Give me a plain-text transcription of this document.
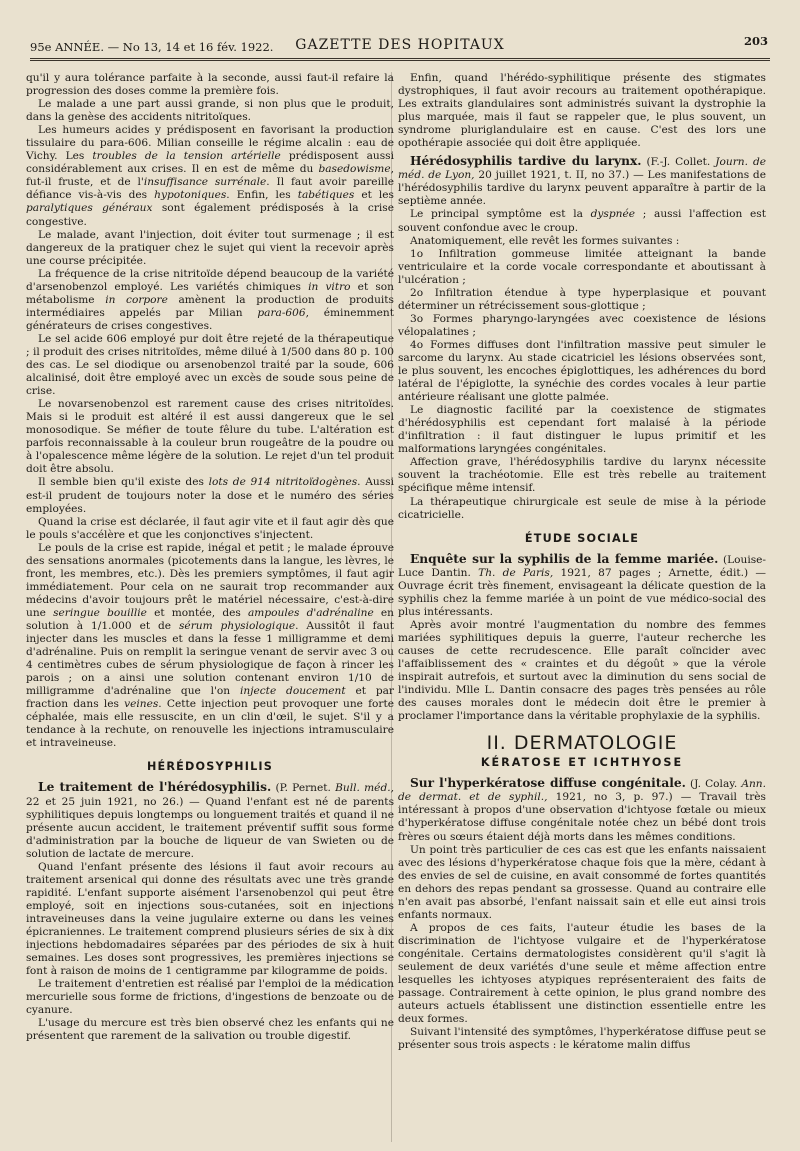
95e ANNÉE. — No 13, 14 et 16 fév. 1922.	GAZETTE DES HOPITAUX	203

qu'il y aura tolérance parfaite à la seconde, aussi faut-il refaire la progression des doses comme la première fois.

Le malade a une part aussi grande, si non plus que le produit, dans la genèse des accidents nitritoïques.

Les humeurs acides y prédisposent en favorisant la production tissulaire du para-606. Milian conseille le régime alcalin : eau de Vichy. Les troubles de la tension artérielle prédisposent aussi considérablement aux crises. Il en est de même du basedowisme, fut-il fruste, et de l'insuffisance surrénale. Il faut avoir pareille défiance vis-à-vis des hypotoniques. Enfin, les tabétiques et les paralytiques généraux sont également prédisposés à la crise congestive.

Le malade, avant l'injection, doit éviter tout surmenage ; il est dangereux de la pratiquer chez le sujet qui vient la recevoir après une course précipitée.

La fréquence de la crise nitritoïde dépend beaucoup de la variété d'arsenobenzol employé. Les variétés chimiques in vitro et son métabolisme in corpore amènent la production de produits intermédiaires appelés par Milian para-606, éminemment générateurs de crises congestives.

Le sel acide 606 employé pur doit être rejeté de la thérapeutique ; il produit des crises nitritoïdes, même dilué à 1/500 dans 80 p. 100 des cas. Le sel diodique ou arsenobenzol traité par la soude, 606 alcalinisé, doit être employé avec un excès de soude sous peine de crise.

Le novarsenobenzol est rarement cause des crises nitritoïdes. Mais si le produit est altéré il est aussi dangereux que le sel monosodique. Se méfier de toute fêlure du tube. L'altération est parfois reconnaissable à la couleur brun rougeâtre de la poudre ou à l'opalescence même légère de la solution. Le rejet d'un tel produit doit être absolu.

Il semble bien qu'il existe des lots de 914 nitritoïdogènes. Aussi est-il prudent de toujours noter la dose et le numéro des séries employées.

Quand la crise est déclarée, il faut agir vite et il faut agir dès que le pouls s'accélère et que les conjonctives s'injectent.

Le pouls de la crise est rapide, inégal et petit ; le malade éprouve des sensations anormales (picotements dans la langue, les lèvres, le front, les membres, etc.). Dès les premiers symptômes, il faut agir immédiatement. Pour cela on ne saurait trop recommander aux médecins d'avoir toujours prêt le matériel nécessaire, c'est-à-dire une seringue bouillie et montée, des ampoules d'adrénaline en solution à 1/1.000 et de sérum physiologique. Aussitôt il faut injecter dans les muscles et dans la fesse 1 milligramme et demi d'adrénaline. Puis on remplit la seringue venant de servir avec 3 ou 4 centimètres cubes de sérum physiologique de façon à rincer les parois ; on a ainsi une solution contenant environ 1/10 de milligramme d'adrénaline que l'on injecte doucement et par fraction dans les veines. Cette injection peut provoquer une forte céphalée, mais elle ressuscite, en un clin d'œil, le sujet. S'il y a tendance à la rechute, on renouvelle les injections intramusculaire et intraveineuse.

HÉRÉDOSYPHILIS

Le traitement de l'hérédosyphilis. (P. Pernet. Bull. méd., 22 et 25 juin 1921, no 26.) — Quand l'enfant est né de parents syphilitiques depuis longtemps ou longuement traités et quand il ne présente aucun accident, le traitement préventif suffit sous forme d'administration par la bouche de liqueur de van Swieten ou de solution de lactate de mercure.

Quand l'enfant présente des lésions il faut avoir recours au traitement arsenical qui donne des résultats avec une très grande rapidité. L'enfant supporte aisément l'arsenobenzol qui peut être employé, soit en injections sous-cutanées, soit en injections intraveineuses dans la veine jugulaire externe ou dans les veines épicraniennes. Le traitement comprend plusieurs séries de six à dix injections hebdomadaires séparées par des périodes de six à huit semaines. Les doses sont progressives, les premières injections se font à raison de moins de 1 centigramme par kilogramme de poids.

Le traitement d'entretien est réalisé par l'emploi de la médication mercurielle sous forme de frictions, d'ingestions de benzoate ou de cyanure.

L'usage du mercure est très bien observé chez les enfants qui ne présentent que rarement de la salivation ou trouble digestif.

Enfin, quand l'hérédo-syphilitique présente des stigmates dystrophiques, il faut avoir recours au traitement opothérapique. Les extraits glandulaires sont administrés suivant la dystrophie la plus marquée, mais il faut se rappeler que, le plus souvent, un syndrome pluriglandulaire est en cause. C'est des lors une opothérapie associée qui doit être appliquée.

Hérédosyphilis tardive du larynx. (F.-J. Collet. Journ. de méd. de Lyon, 20 juillet 1921, t. II, no 37.) — Les manifestations de l'hérédosyphilis tardive du larynx peuvent apparaître à partir de la septième année.

Le principal symptôme est la dyspnée ; aussi l'affection est souvent confondue avec le croup.

Anatomiquement, elle revêt les formes suivantes :

1o Infiltration gommeuse limitée atteignant la bande ventriculaire et la corde vocale correspondante et aboutissant à l'ulcération ;

2o Infiltration étendue à type hyperplasique et pouvant déterminer un rétrécissement sous-glottique ;

3o Formes pharyngo-laryngées avec coexistence de lésions vélopalatines ;

4o Formes diffuses dont l'infiltration massive peut simuler le sarcome du larynx. Au stade cicatriciel les lésions observées sont, le plus souvent, les encoches épiglottiques, les adhérences du bord latéral de l'épiglotte, la synéchie des cordes vocales à leur partie antérieure réalisant une glotte palmée.

Le diagnostic facilité par la coexistence de stigmates d'hérédosyphilis est cependant fort malaisé à la période d'infiltration : il faut distinguer le lupus primitif et les malformations laryngées congénitales.

Affection grave, l'hérédosyphilis tardive du larynx nécessite souvent la trachéotomie. Elle est très rebelle au traitement spécifique même intensif.

La thérapeutique chirurgicale est seule de mise à la période cicatricielle.

ÉTUDE SOCIALE

Enquête sur la syphilis de la femme mariée. (Louise-Luce Dantin. Th. de Paris, 1921, 87 pages ; Arnette, édit.) — Ouvrage écrit très finement, envisageant la délicate question de la syphilis chez la femme mariée à un point de vue médico-social des plus intéressants.

Après avoir montré l'augmentation du nombre des femmes mariées syphilitiques depuis la guerre, l'auteur recherche les causes de cette recrudescence. Elle paraît coïncider avec l'affaiblissement des « craintes et du dégoût » que la vérole inspirait autrefois, et surtout avec la diminution du sens social de l'individu. Mlle L. Dantin consacre des pages très pensées au rôle des causes morales dont le médecin doit être le premier à proclamer l'importance dans la véritable prophylaxie de la syphilis.

II. DERMATOLOGIE
KÉRATOSE ET ICHTHYOSE

Sur l'hyperkératose diffuse congénitale. (J. Colay. Ann. de dermat. et de syphil., 1921, no 3, p. 97.) — Travail très intéressant à propos d'une observation d'ichtyose fœtale ou mieux d'hyperkératose diffuse congénitale notée chez un bébé dont trois frères ou sœurs étaient déjà morts dans les mêmes conditions.

Un point très particulier de ces cas est que les enfants naissaient avec des lésions d'hyperkératose chaque fois que la mère, cédant à des envies de sel de cuisine, en avait consommé de fortes quantités en dehors des repas pendant sa grossesse. Quand au contraire elle n'en avait pas absorbé, l'enfant naissait sain et elle eut ainsi trois enfants normaux.

A propos de ces faits, l'auteur étudie les bases de la discrimination de l'ichtyose vulgaire et de l'hyperkératose congénitale. Certains dermatologistes considèrent qu'il s'agit là seulement de deux variétés d'une seule et même affection entre lesquelles les ichtyoses atypiques représenteraient des faits de passage. Contrairement à cette opinion, le plus grand nombre des auteurs actuels établissent une distinction essentielle entre les deux formes.

Suivant l'intensité des symptômes, l'hyperkératose diffuse peut se présenter sous trois aspects : le kératome malin diffus
